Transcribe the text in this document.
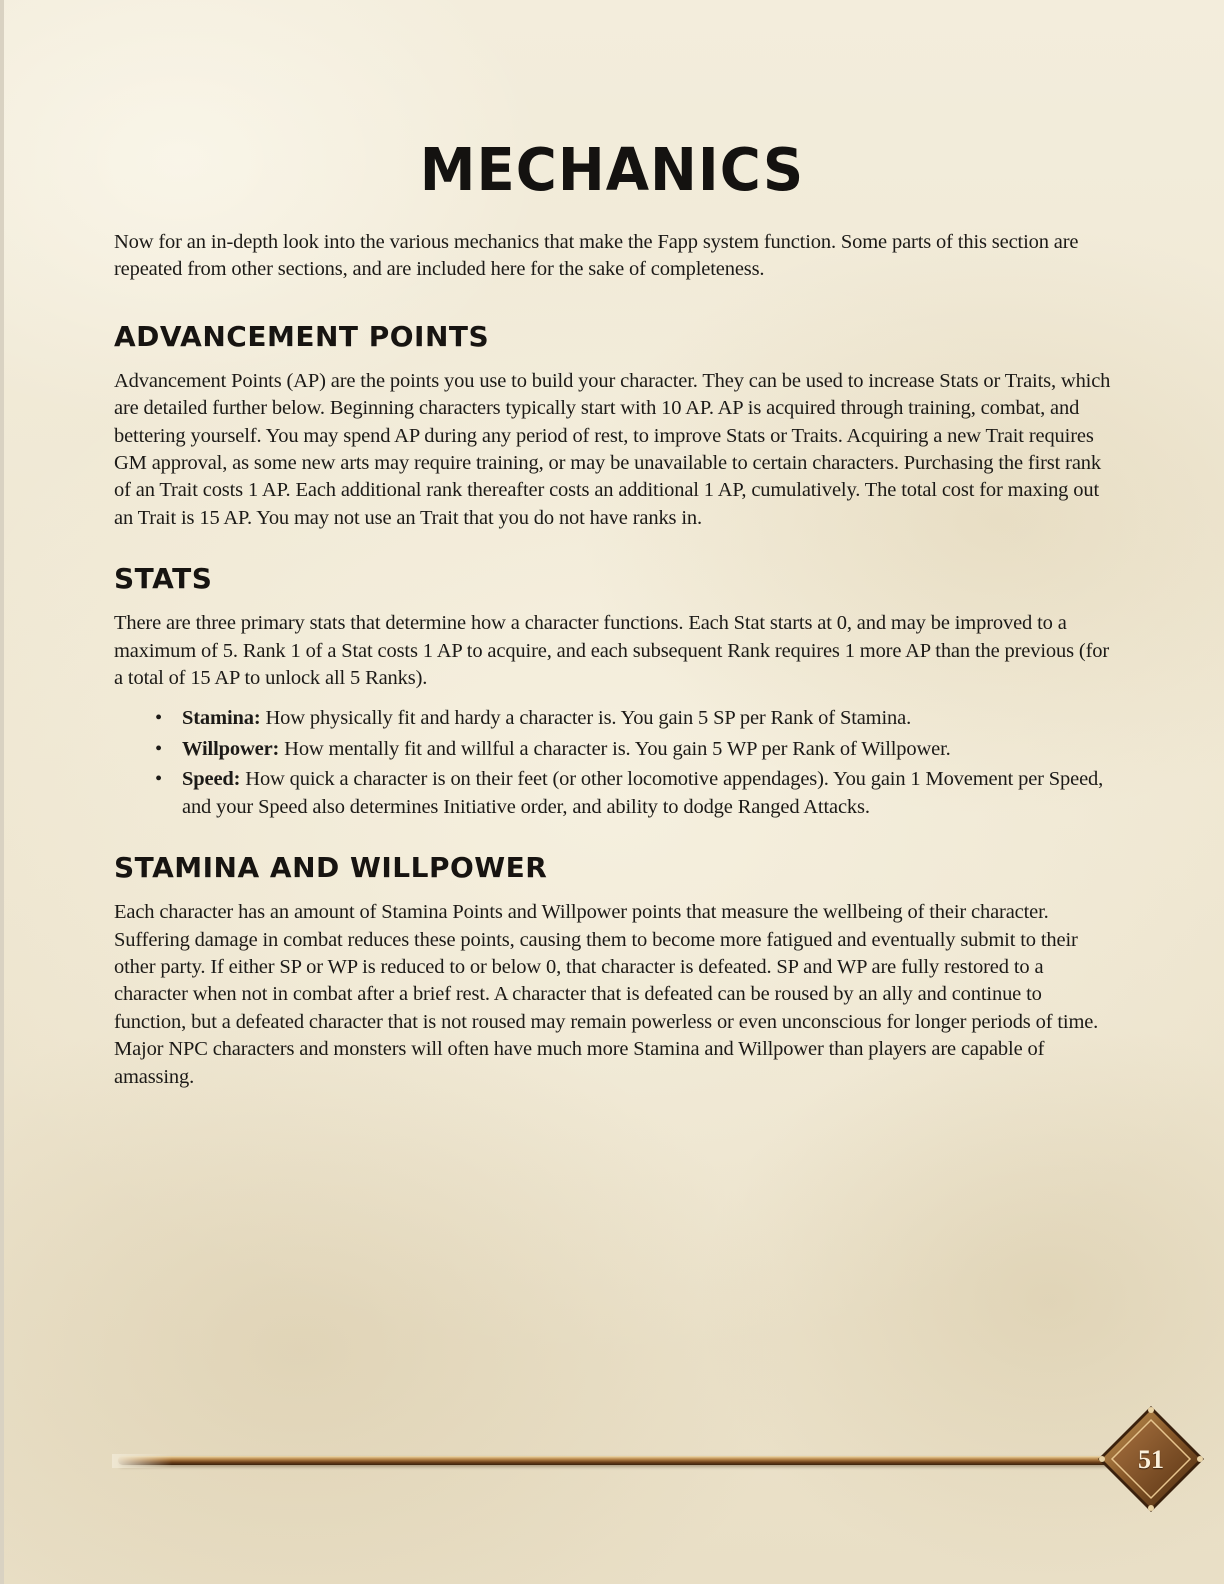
MECHANICS

Now for an in-depth look into the various mechanics that make the Fapp system function. Some parts of this section are repeated from other sections, and are included here for the sake of completeness.

ADVANCEMENT POINTS

Advancement Points (AP) are the points you use to build your character. They can be used to increase Stats or Traits, which are detailed further below. Beginning characters typically start with 10 AP. AP is acquired through training, combat, and bettering yourself. You may spend AP during any period of rest, to improve Stats or Traits. Acquiring a new Trait requires GM approval, as some new arts may require training, or may be unavailable to certain characters. Purchasing the first rank of an Trait costs 1 AP. Each additional rank thereafter costs an additional 1 AP, cumulatively. The total cost for maxing out an Trait is 15 AP. You may not use an Trait that you do not have ranks in.

STATS

There are three primary stats that determine how a character functions. Each Stat starts at 0, and may be improved to a maximum of 5. Rank 1 of a Stat costs 1 AP to acquire, and each subsequent Rank requires 1 more AP than the previous (for a total of 15 AP to unlock all 5 Ranks).

• Stamina: How physically fit and hardy a character is. You gain 5 SP per Rank of Stamina.
• Willpower: How mentally fit and willful a character is. You gain 5 WP per Rank of Willpower.
• Speed: How quick a character is on their feet (or other locomotive appendages). You gain 1 Movement per Speed, and your Speed also determines Initiative order, and ability to dodge Ranged Attacks.
STAMINA AND WILLPOWER

Each character has an amount of Stamina Points and Willpower points that measure the wellbeing of their character. Suffering damage in combat reduces these points, causing them to become more fatigued and eventually submit to their other party. If either SP or WP is reduced to or below 0, that character is defeated. SP and WP are fully restored to a character when not in combat after a brief rest. A character that is defeated can be roused by an ally and continue to function, but a defeated character that is not roused may remain powerless or even unconscious for longer periods of time. Major NPC characters and monsters will often have much more Stamina and Willpower than players are capable of amassing.

51
